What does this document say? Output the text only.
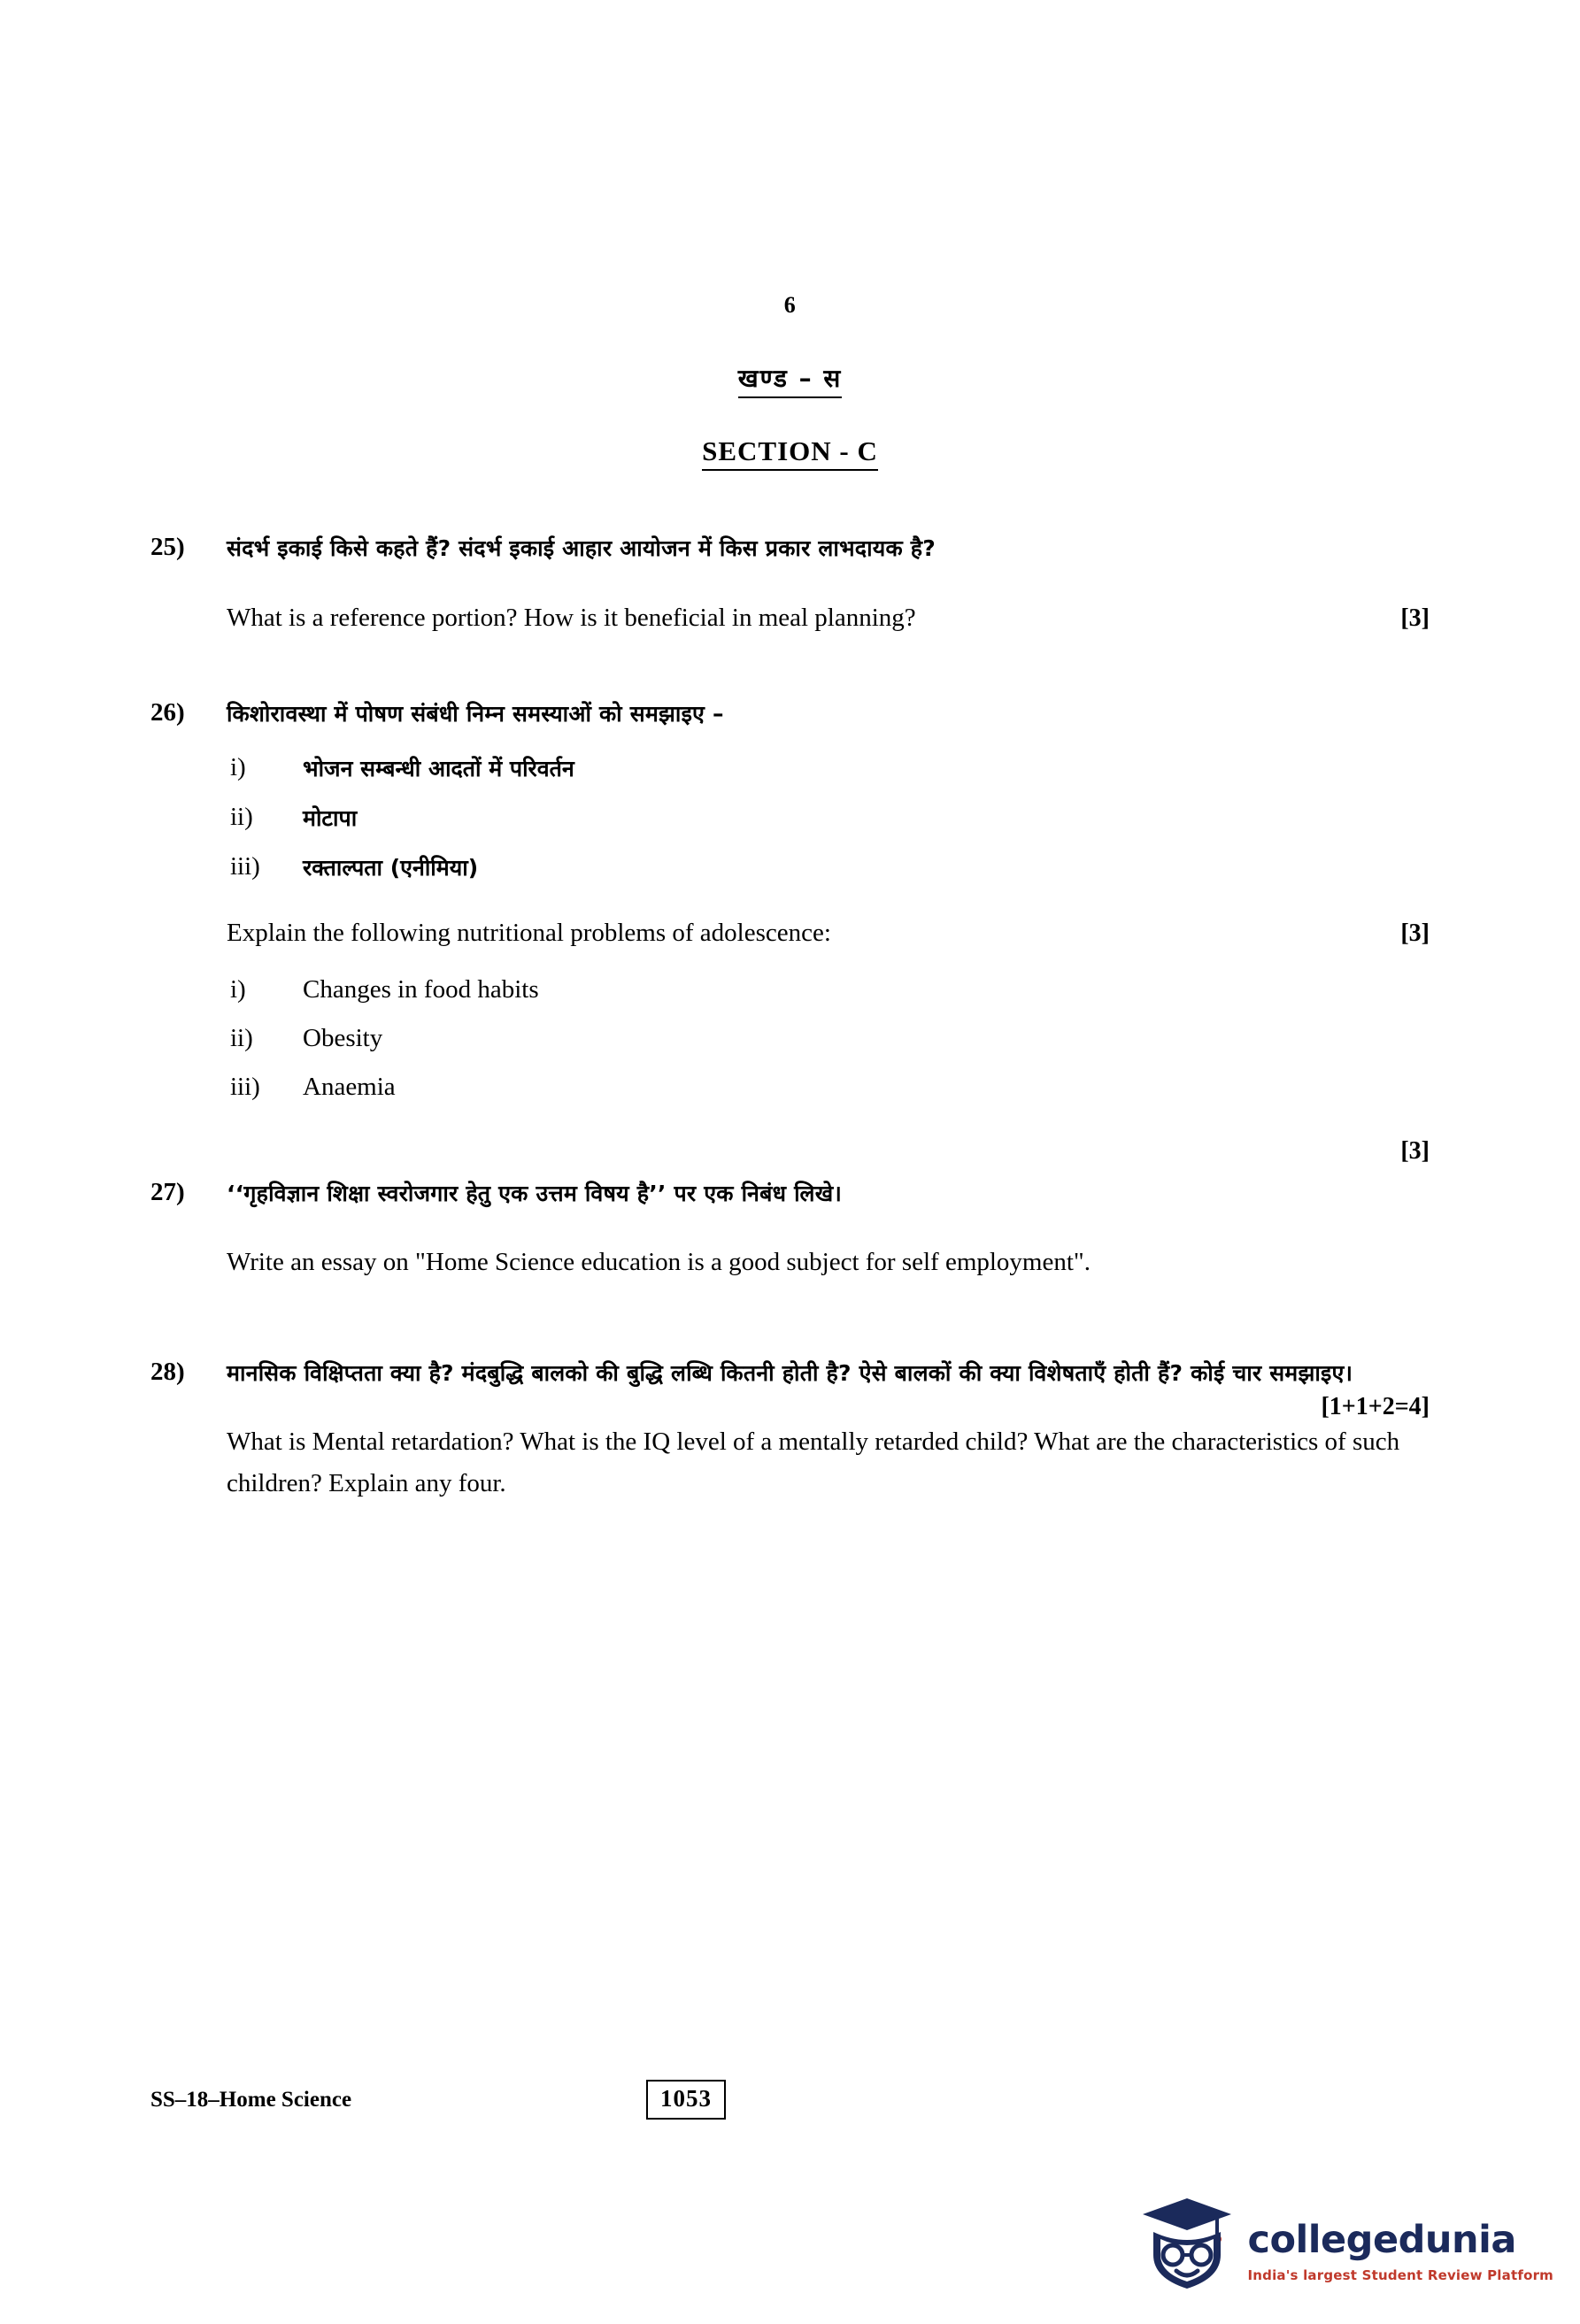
6
खण्ड – स
SECTION - C
25)	संदर्भ इकाई किसे कहते हैं? संदर्भ इकाई आहार आयोजन में किस प्रकार लाभदायक है?
What is a reference portion? How is it beneficial in meal planning?	[3]
26)	किशोरावस्था में पोषण संबंधी निम्न समस्याओं को समझाइए –
i)	भोजन सम्बन्धी आदतों में परिवर्तन
ii)	मोटापा
iii)	रक्ताल्पता (एनीमिया)
Explain the following nutritional problems of adolescence:	[3]
i)	Changes in food habits
ii)	Obesity
iii)	Anaemia
27)	‘‘गृहविज्ञान शिक्षा स्वरोजगार हेतु एक उत्तम विषय है’’ पर एक निबंध लिखे।
Write an essay on "Home Science education is a good subject for self employment".
[3]
28)	मानसिक विक्षिप्तता क्या है? मंदबुद्धि बालको की बुद्धि लब्धि कितनी होती है? ऐसे बालकों की क्या विशेषताएँ होती हैं? कोई चार समझाइए।
What is Mental retardation? What is the IQ level of a mentally retarded child? What are the characteristics of such children? Explain any four.
[1+1+2=4]
SS–18–Home Science	1053
collegedunia
India's largest Student Review Platform
